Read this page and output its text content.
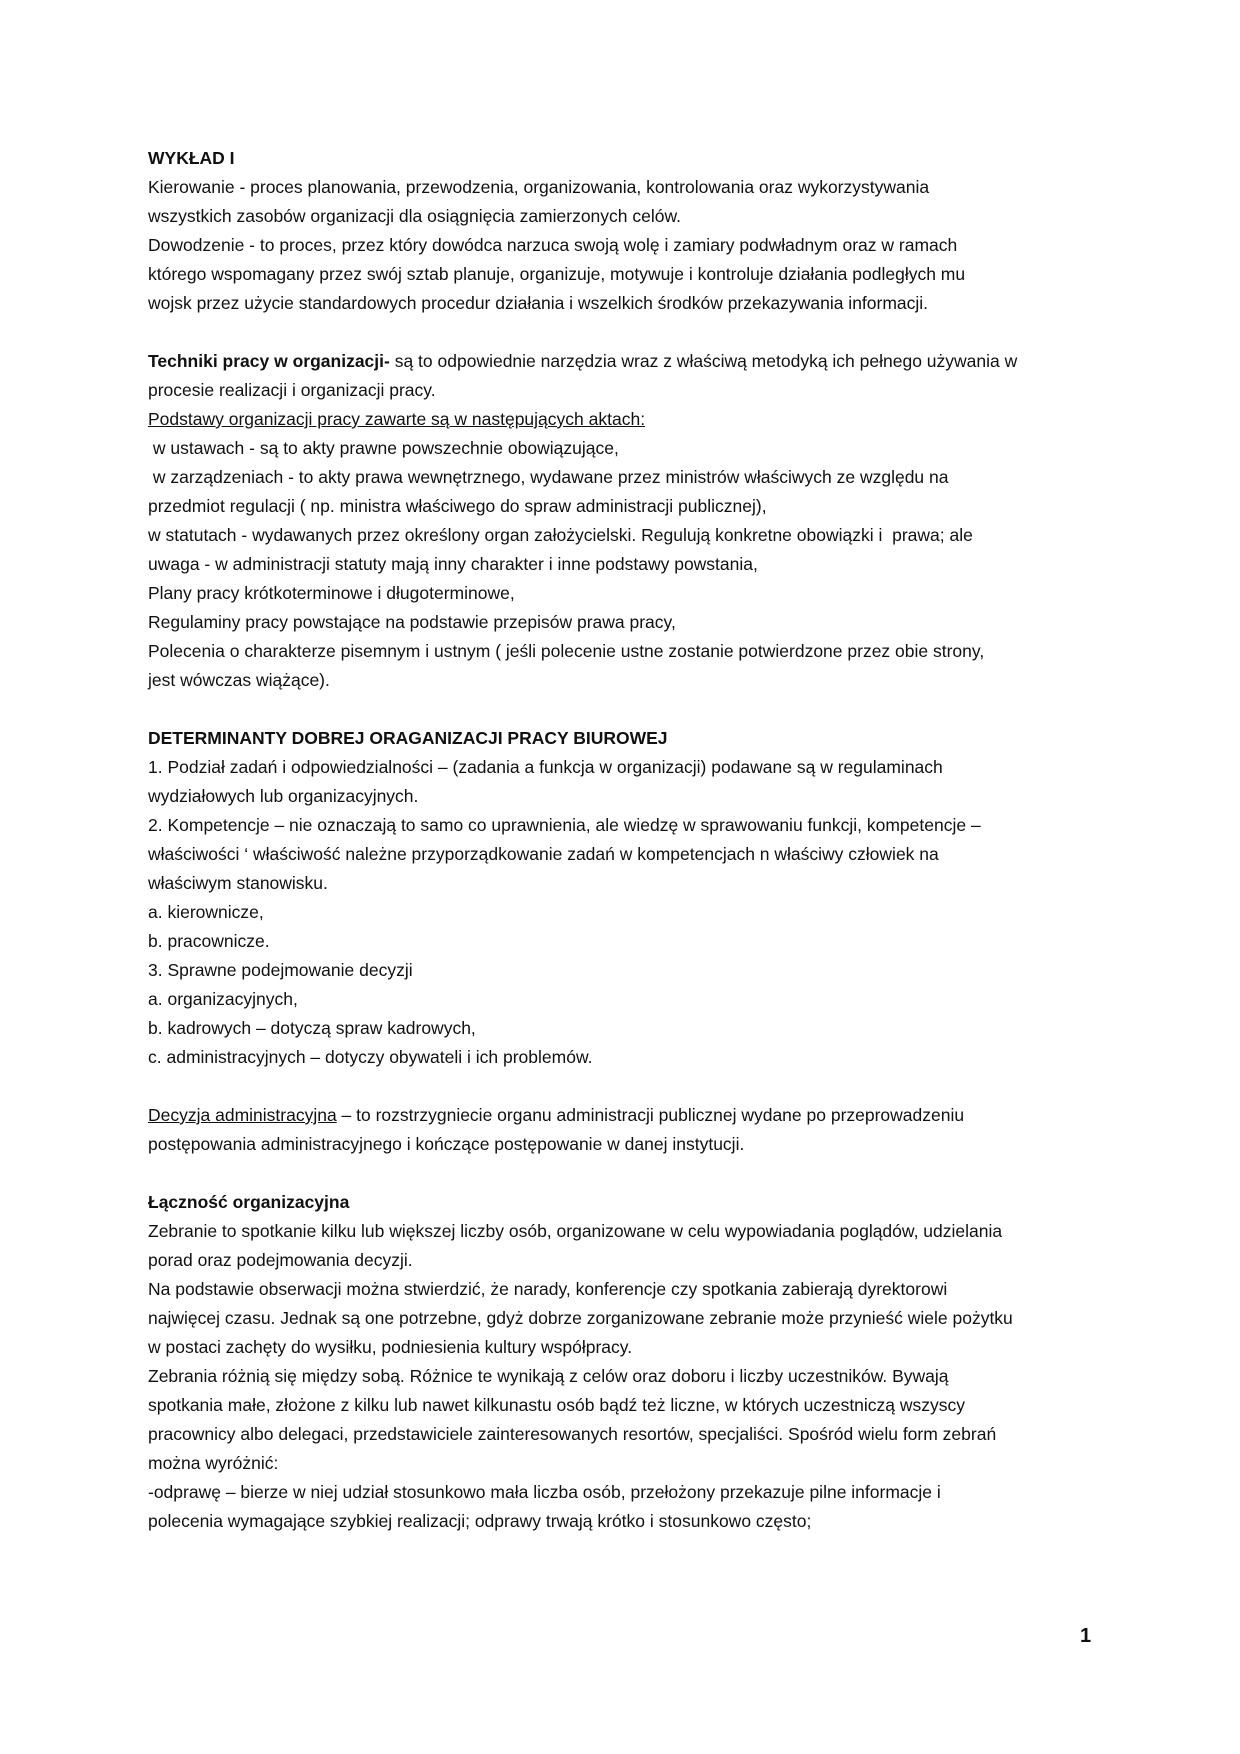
WYKŁAD I
Kierowanie - proces planowania, przewodzenia, organizowania, kontrolowania oraz wykorzystywania
wszystkich zasobów organizacji dla osiągnięcia zamierzonych celów.
Dowodzenie - to proces, przez który dowódca narzuca swoją wolę i zamiary podwładnym oraz w ramach
którego wspomagany przez swój sztab planuje, organizuje, motywuje i kontroluje działania podległych mu
wojsk przez użycie standardowych procedur działania i wszelkich środków przekazywania informacji.
Techniki pracy w organizacji- są to odpowiednie narzędzia wraz z właściwą metodyką ich pełnego używania w
procesie realizacji i organizacji pracy.
Podstawy organizacji pracy zawarte są w następujących aktach:
w ustawach - są to akty prawne powszechnie obowiązujące,
w zarządzeniach - to akty prawa wewnętrznego, wydawane przez ministrów właściwych ze względu na
przedmiot regulacji ( np. ministra właściwego do spraw administracji publicznej),
w statutach - wydawanych przez określony organ założycielski. Regulują konkretne obowiązki i  prawa; ale
uwaga - w administracji statuty mają inny charakter i inne podstawy powstania,
Plany pracy krótkoterminowe i długoterminowe,
Regulaminy pracy powstające na podstawie przepisów prawa pracy,
Polecenia o charakterze pisemnym i ustnym ( jeśli polecenie ustne zostanie potwierdzone przez obie strony,
jest wówczas wiążące).
DETERMINANTY DOBREJ ORAGANIZACJI PRACY BIUROWEJ
1. Podział zadań i odpowiedzialności – (zadania a funkcja w organizacji) podawane są w regulaminach
wydziałowych lub organizacyjnych.
2. Kompetencje – nie oznaczają to samo co uprawnienia, ale wiedzę w sprawowaniu funkcji, kompetencje –
właściwości ‘ właściwość należne przyporządkowanie zadań w kompetencjach n właściwy człowiek na
właściwym stanowisku.
a. kierownicze,
b. pracownicze.
3. Sprawne podejmowanie decyzji
a. organizacyjnych,
b. kadrowych – dotyczą spraw kadrowych,
c. administracyjnych – dotyczy obywateli i ich problemów.
Decyzja administracyjna – to rozstrzygniecie organu administracji publicznej wydane po przeprowadzeniu
postępowania administracyjnego i kończące postępowanie w danej instytucji.
Łączność organizacyjna
Zebranie to spotkanie kilku lub większej liczby osób, organizowane w celu wypowiadania poglądów, udzielania
porad oraz podejmowania decyzji.
Na podstawie obserwacji można stwierdzić, że narady, konferencje czy spotkania zabierają dyrektorowi
najwięcej czasu. Jednak są one potrzebne, gdyż dobrze zorganizowane zebranie może przynieść wiele pożytku
w postaci zachęty do wysiłku, podniesienia kultury współpracy.
Zebrania różnią się między sobą. Różnice te wynikają z celów oraz doboru i liczby uczestników. Bywają
spotkania małe, złożone z kilku lub nawet kilkunastu osób bądź też liczne, w których uczestniczą wszyscy
pracownicy albo delegaci, przedstawiciele zainteresowanych resortów, specjaliści. Spośród wielu form zebrań
można wyróżnić:
-odprawę – bierze w niej udział stosunkowo mała liczba osób, przełożony przekazuje pilne informacje i
polecenia wymagające szybkiej realizacji; odprawy trwają krótko i stosunkowo często;
1
